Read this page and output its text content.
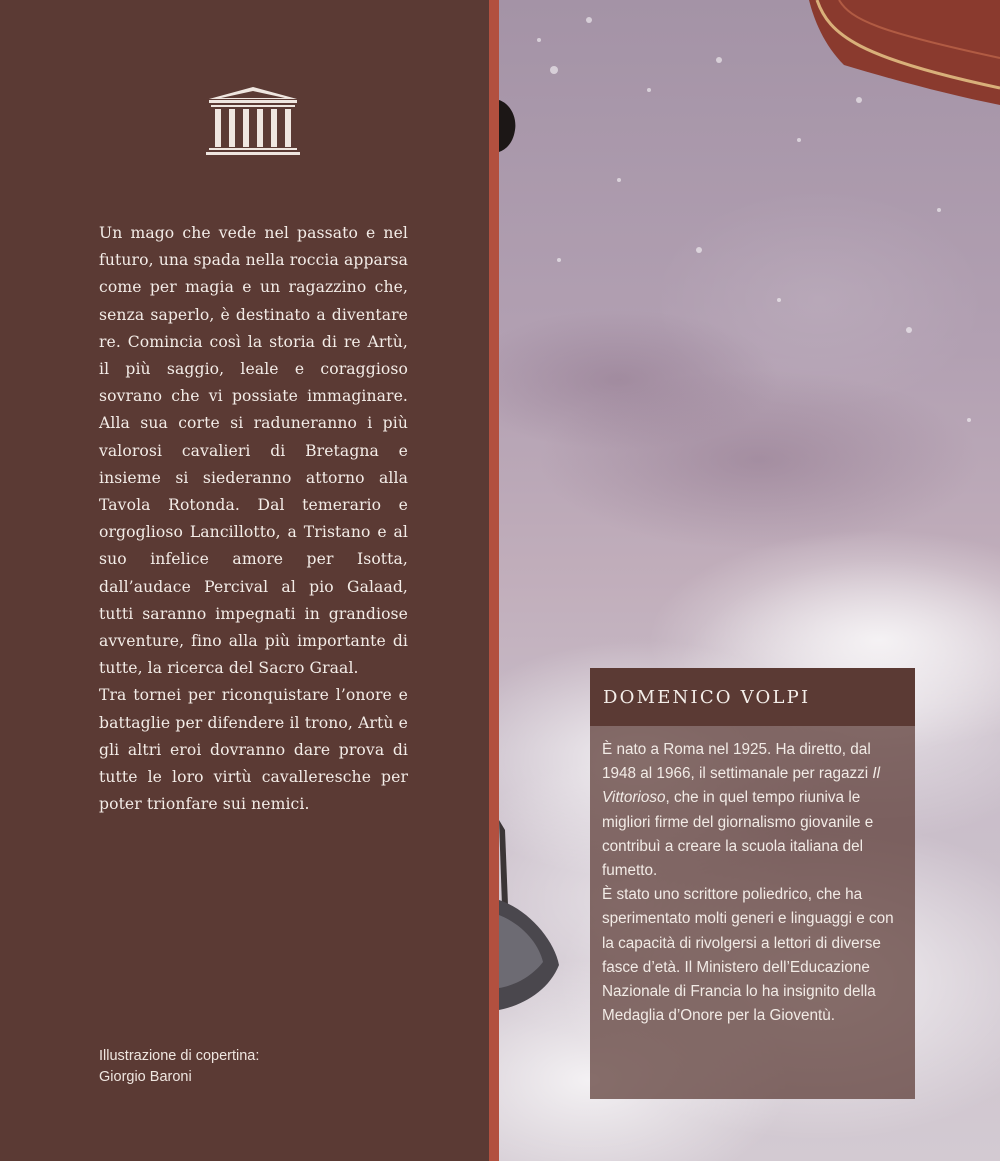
Un mago che vede nel passato e nel futuro, una spada nella roccia apparsa come per magia e un ragazzino che, senza saperlo, è destinato a diventare re. Comincia così la storia di re Artù, il più saggio, leale e coraggioso sovrano che vi possiate immaginare. Alla sua corte si raduneranno i più valorosi cavalieri di Bretagna e insieme si siederanno attorno alla Tavola Rotonda. Dal temerario e orgoglioso Lancillotto, a Tristano e al suo infelice amore per Isotta, dall’audace Percival al pio Galaad, tutti saranno impegnati in grandiose avventure, fino alla più importante di tutte, la ricerca del Sacro Graal.

Tra tornei per riconquistare l’onore e battaglie per difendere il trono, Artù e gli altri eroi dovranno dare prova di tutte le loro virtù cavalleresche per poter trionfare sui nemici.

Illustrazione di copertina:
Giorgio Baroni
DOMENICO VOLPI

È nato a Roma nel 1925. Ha diretto, dal 1948 al 1966, il settimanale per ragazzi Il Vittorioso, che in quel tempo riuniva le migliori firme del giornalismo giovanile e contribuì a creare la scuola italiana del fumetto.

È stato uno scrittore poliedrico, che ha sperimentato molti generi e linguaggi e con la capacità di rivolgersi a lettori di diverse fasce d’età. Il Ministero dell’Educazione Nazionale di Francia lo ha insignito della Medaglia d’Onore per la Gioventù.
